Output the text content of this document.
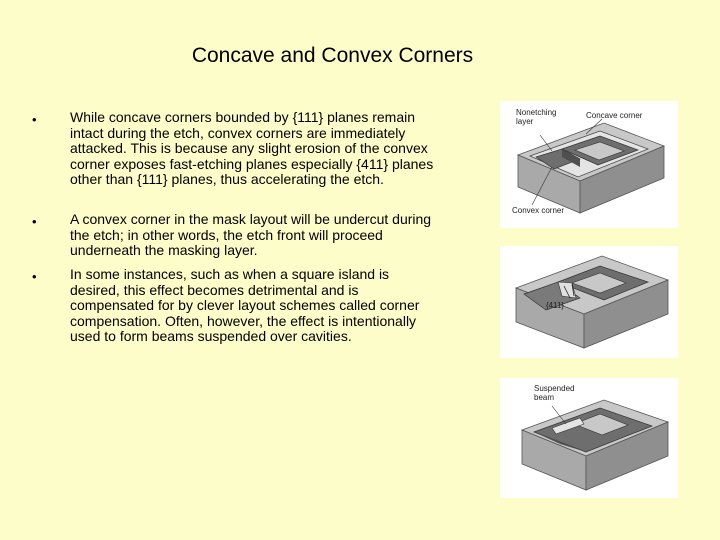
Concave and Convex Corners
• While concave corners bounded by {111} planes remain intact during the etch, convex corners are immediately attacked. This is because any slight erosion of the convex corner exposes fast-etching planes especially {411} planes other than {111} planes, thus accelerating the etch.
• A convex corner in the mask layout will be undercut during the etch; in other words, the etch front will proceed underneath the masking layer.
• In some instances, such as when a square island is desired, this effect becomes detrimental and is compensated for by clever layout schemes called corner compensation. Often, however, the effect is intentionally used to form beams suspended over cavities.
Nonetching
layer
Concave corner
Convex corner
{411}
Suspended
beam
